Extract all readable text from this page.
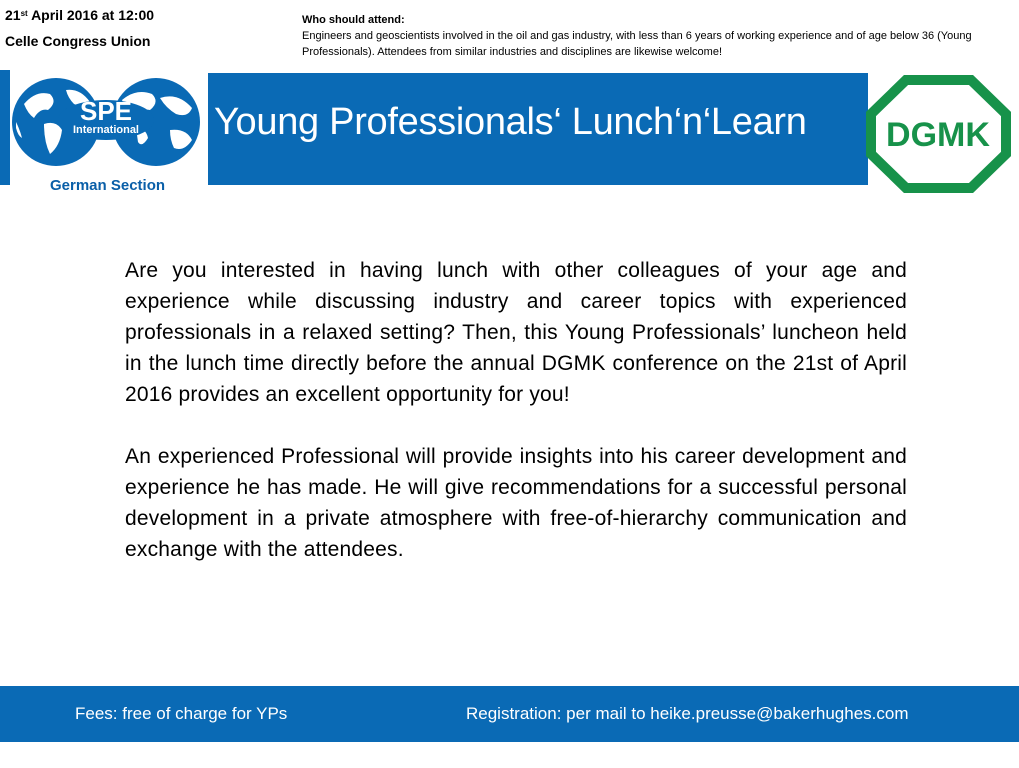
21st April 2016 at 12:00
Celle Congress Union
Who should attend:
Engineers and geoscientists involved in the oil and gas industry, with less than 6 years of working experience and of age below 36 (Young Professionals). Attendees from similar industries and disciplines are likewise welcome!
Young Professionals‘ Lunch‘n‘Learn
SPE
International
German Section
DGMK

Are you interested in having lunch with other colleagues of your age and experience while discussing industry and career topics with experienced professionals in a relaxed setting? Then, this Young Professionals’ luncheon held in the lunch time directly before the annual DGMK conference on the 21st of April 2016 provides an excellent opportunity for you!

An experienced Professional will provide insights into his career development and experience he has made. He will give recommendations for a successful personal development in a private atmosphere with free-of-hierarchy communication and exchange with the attendees.

Fees: free of charge for YPs	Registration: per mail to heike.preusse@bakerhughes.com
